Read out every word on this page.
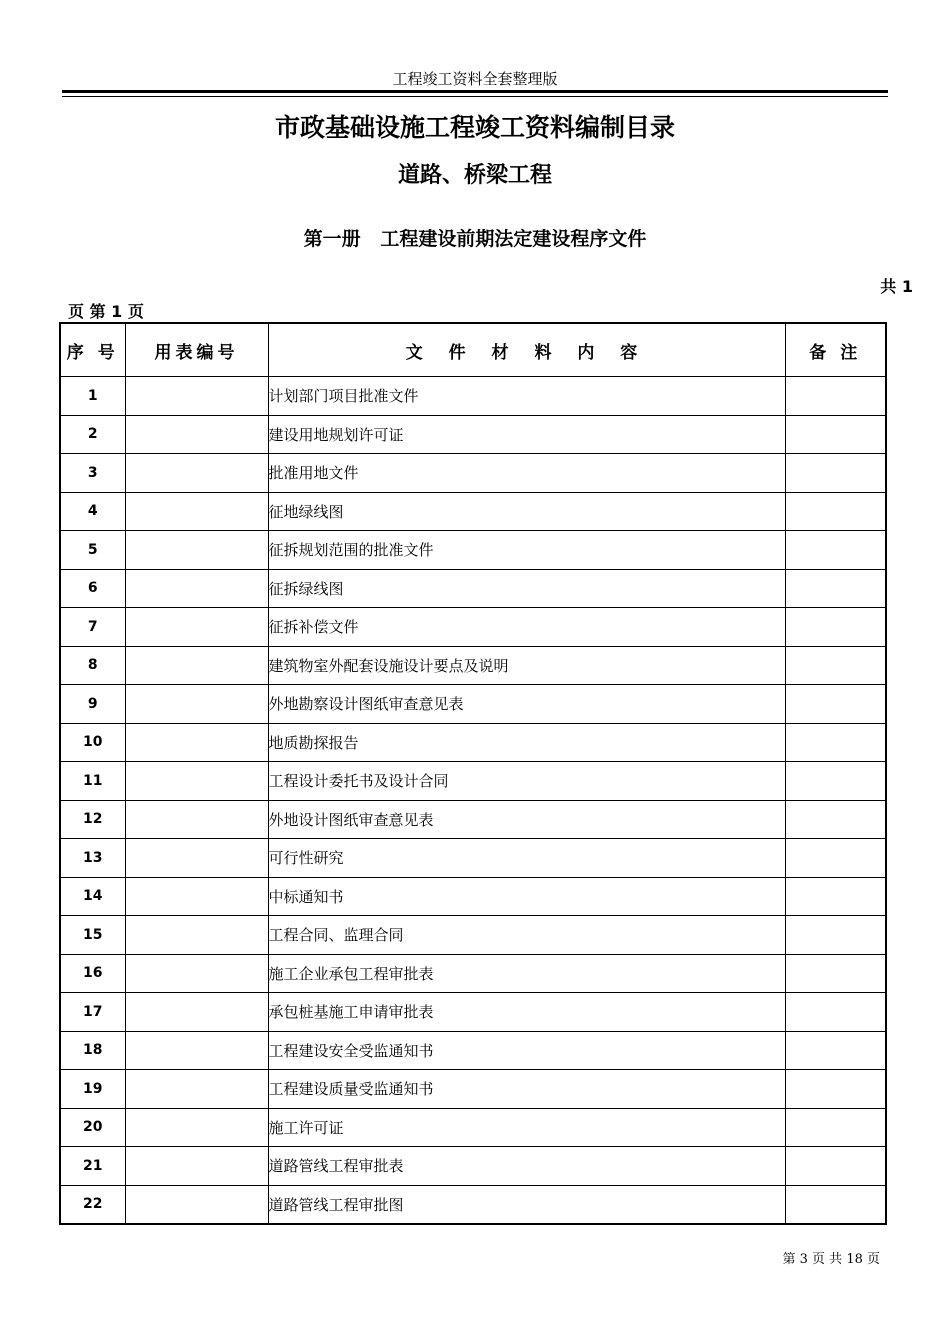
工程竣工资料全套整理版
市政基础设施工程竣工资料编制目录
道路、桥梁工程
第一册   工程建设前期法定建设程序文件
共 1
页 第 1 页
序 号	用表编号	文 件 材 料 内 容	备 注
1		计划部门项目批准文件	
2		建设用地规划许可证	
3		批准用地文件	
4		征地绿线图	
5		征拆规划范围的批准文件	
6		征拆绿线图	
7		征拆补偿文件	
8		建筑物室外配套设施设计要点及说明	
9		外地勘察设计图纸审查意见表	
10		地质勘探报告	
11		工程设计委托书及设计合同	
12		外地设计图纸审查意见表	
13		可行性研究	
14		中标通知书	
15		工程合同、监理合同	
16		施工企业承包工程审批表	
17		承包桩基施工申请审批表	
18		工程建设安全受监通知书	
19		工程建设质量受监通知书	
20		施工许可证	
21		道路管线工程审批表	
22		道路管线工程审批图	
第 3 页 共 18 页
